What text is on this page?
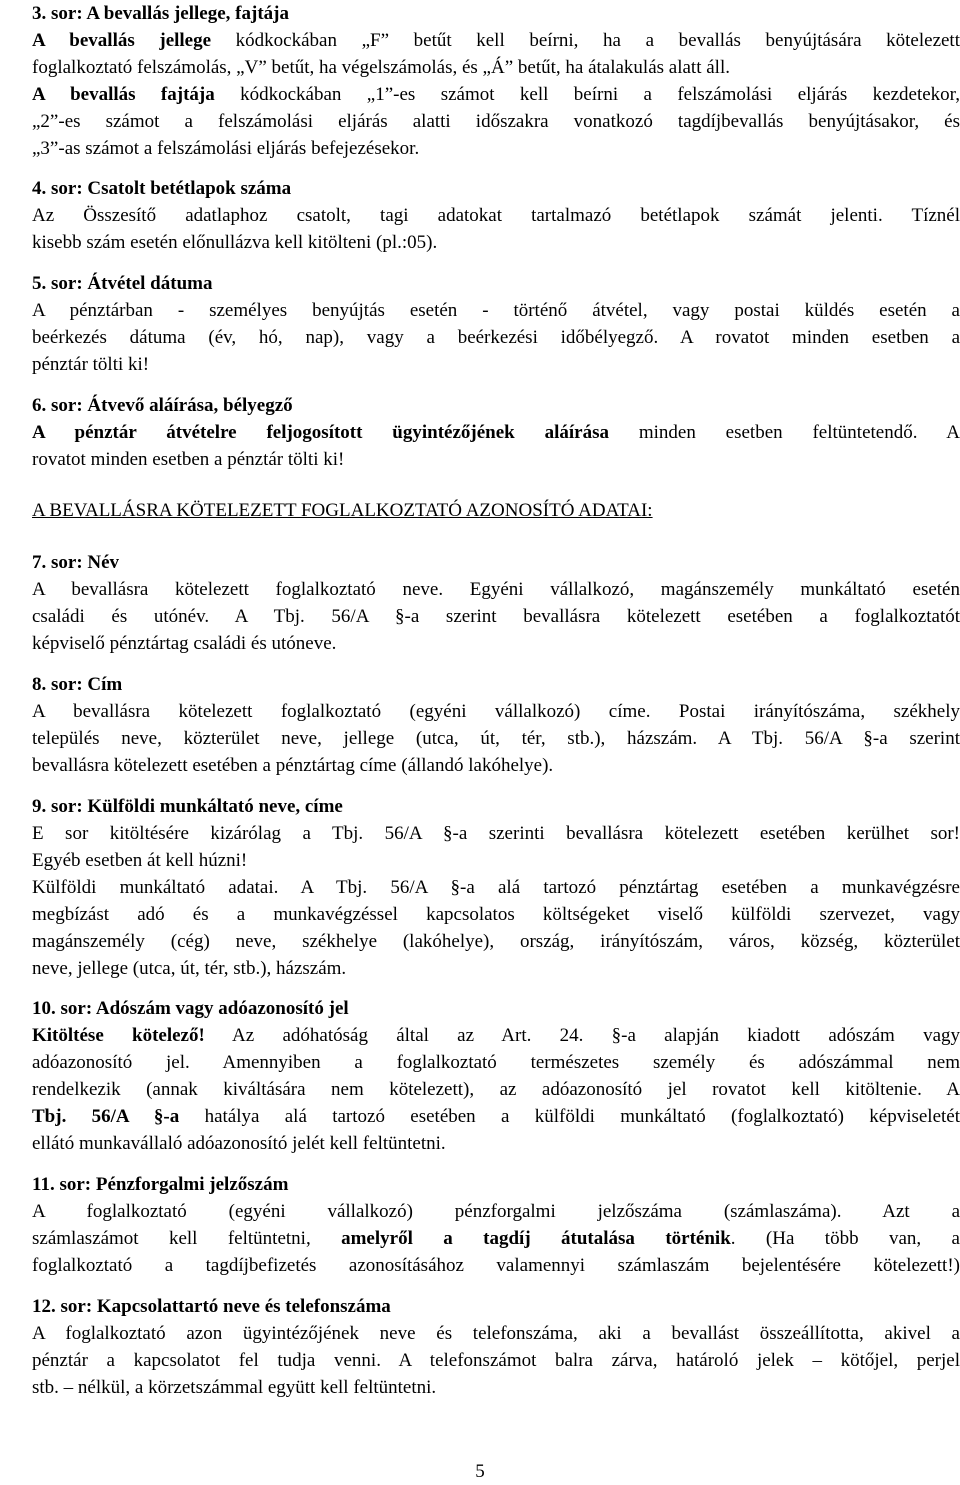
3. sor: A bevallás jellege, fajtája
A bevallás jellege kódkockában „F” betűt kell beírni, ha a bevallás benyújtására kötelezett
foglalkoztató felszámolás, „V” betűt, ha végelszámolás, és „Á” betűt, ha átalakulás alatt áll.
A bevallás fajtája kódkockában „1”-es számot kell beírni a felszámolási eljárás kezdetekor,
„2”-es számot a felszámolási eljárás alatti időszakra vonatkozó tagdíjbevallás benyújtásakor, és
„3”-as számot a felszámolási eljárás befejezésekor.
4. sor: Csatolt betétlapok száma
Az Összesítő adatlaphoz csatolt, tagi adatokat tartalmazó betétlapok számát jelenti. Tíznél
kisebb szám esetén előnullázva kell kitölteni (pl.:05).
5. sor: Átvétel dátuma
A pénztárban - személyes benyújtás esetén - történő átvétel, vagy postai küldés esetén a
beérkezés dátuma (év, hó, nap), vagy a beérkezési időbélyegző. A rovatot minden esetben a
pénztár tölti ki!
6. sor: Átvevő aláírása, bélyegző
A pénztár átvételre feljogosított ügyintézőjének aláírása minden esetben feltüntetendő. A
rovatot minden esetben a pénztár tölti ki!
A BEVALLÁSRA KÖTELEZETT FOGLALKOZTATÓ AZONOSÍTÓ ADATAI:
7. sor: Név
A bevallásra kötelezett foglalkoztató neve. Egyéni vállalkozó, magánszemély munkáltató esetén
családi és utónév. A Tbj. 56/A §-a szerint bevallásra kötelezett esetében a foglalkoztatót
képviselő pénztártag családi és utóneve.
8. sor: Cím
A bevallásra kötelezett foglalkoztató (egyéni vállalkozó) címe. Postai irányítószáma, székhely
település neve, közterület neve, jellege (utca, út, tér, stb.), házszám. A Tbj. 56/A §-a szerint
bevallásra kötelezett esetében a pénztártag címe (állandó lakóhelye).
9. sor: Külföldi munkáltató neve, címe
E sor kitöltésére kizárólag a Tbj. 56/A §-a szerinti bevallásra kötelezett esetében kerülhet sor!
Egyéb esetben át kell húzni!
Külföldi munkáltató adatai. A Tbj. 56/A §-a alá tartozó pénztártag esetében a munkavégzésre
megbízást adó és a munkavégzéssel kapcsolatos költségeket viselő külföldi szervezet, vagy
magánszemély (cég) neve, székhelye (lakóhelye), ország, irányítószám, város, község, közterület
neve, jellege (utca, út, tér, stb.), házszám.
10. sor: Adószám vagy adóazonosító jel
Kitöltése kötelező! Az adóhatóság által az Art. 24. §-a alapján kiadott adószám vagy
adóazonosító jel. Amennyiben a foglalkoztató természetes személy és adószámmal nem
rendelkezik (annak kiváltására nem kötelezett), az adóazonosító jel rovatot kell kitöltenie. A
Tbj. 56/A §-a hatálya alá tartozó esetében a külföldi munkáltató (foglalkoztató) képviseletét
ellátó munkavállaló adóazonosító jelét kell feltüntetni.
11. sor: Pénzforgalmi jelzőszám
A foglalkoztató (egyéni vállalkozó) pénzforgalmi jelzőszáma (számlaszáma). Azt a
számlaszámot kell feltüntetni, amelyről a tagdíj átutalása történik. (Ha több van, a
foglalkoztató a tagdíjbefizetés azonosításához valamennyi számlaszám bejelentésére kötelezett!)
12. sor: Kapcsolattartó neve és telefonszáma
A foglalkoztató azon ügyintézőjének neve és telefonszáma, aki a bevallást összeállította, akivel a
pénztár a kapcsolatot fel tudja venni. A telefonszámot balra zárva, határoló jelek – kötőjel, perjel
stb. – nélkül, a körzetszámmal együtt kell feltüntetni.
5
